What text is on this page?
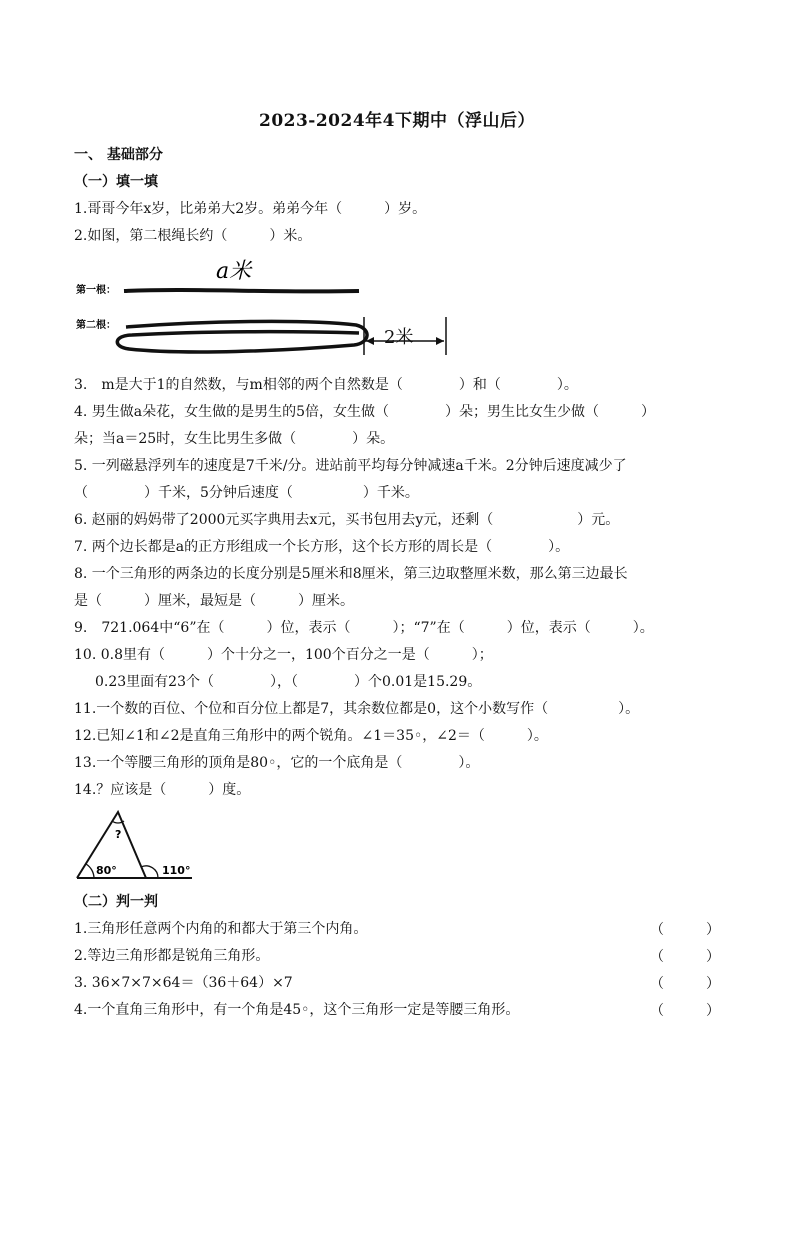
2023-2024年4下期中（浮山后）
一、 基础部分
（一）填一填
1.哥哥今年x岁，比弟弟大2岁。弟弟今年（　　　）岁。
2.如图，第二根绳长约（　　　）米。
a米
第一根：
第二根：
2米
3.　m是大于1的自然数，与m相邻的两个自然数是（　　　　）和（　　　　）。
4. 男生做a朵花，女生做的是男生的5倍，女生做（　　　　）朵；男生比女生少做（　　　）
朵；当a＝25时，女生比男生多做（　　　　）朵。
5. 一列磁悬浮列车的速度是7千米/分。进站前平均每分钟减速a千米。2分钟后速度减少了
（　　　　）千米，5分钟后速度（　　　　　）千米。
6. 赵丽的妈妈带了2000元买字典用去x元，买书包用去y元，还剩（　　　　　　）元。
7. 两个边长都是a的正方形组成一个长方形，这个长方形的周长是（　　　　）。
8. 一个三角形的两条边的长度分别是5厘米和8厘米，第三边取整厘米数，那么第三边最长
是（　　　）厘米，最短是（　　　）厘米。
9.　721.064中“6”在（　　　）位，表示（　　　）；“7”在（　　　）位，表示（　　　）。
10. 0.8里有（　　　）个十分之一，100个百分之一是（　　　）；
0.23里面有23个（　　　　），（　　　　）个0.01是15.29。
11.一个数的百位、个位和百分位上都是7，其余数位都是0，这个小数写作（　　　　　）。
12.已知∠1和∠2是直角三角形中的两个锐角。∠1＝35◦，∠2＝（　　　）。
13.一个等腰三角形的顶角是80◦，它的一个底角是（　　　　）。
14.？应该是（　　　）度。
?
80°	110°
（二）判一判
1.三角形任意两个内角的和都大于第三个内角。	（　　　）
2.等边三角形都是锐角三角形。	（　　　）
3. 36×7×7×64＝（36＋64）×7	（　　　）
4.一个直角三角形中，有一个角是45◦，这个三角形一定是等腰三角形。	（　　　）
